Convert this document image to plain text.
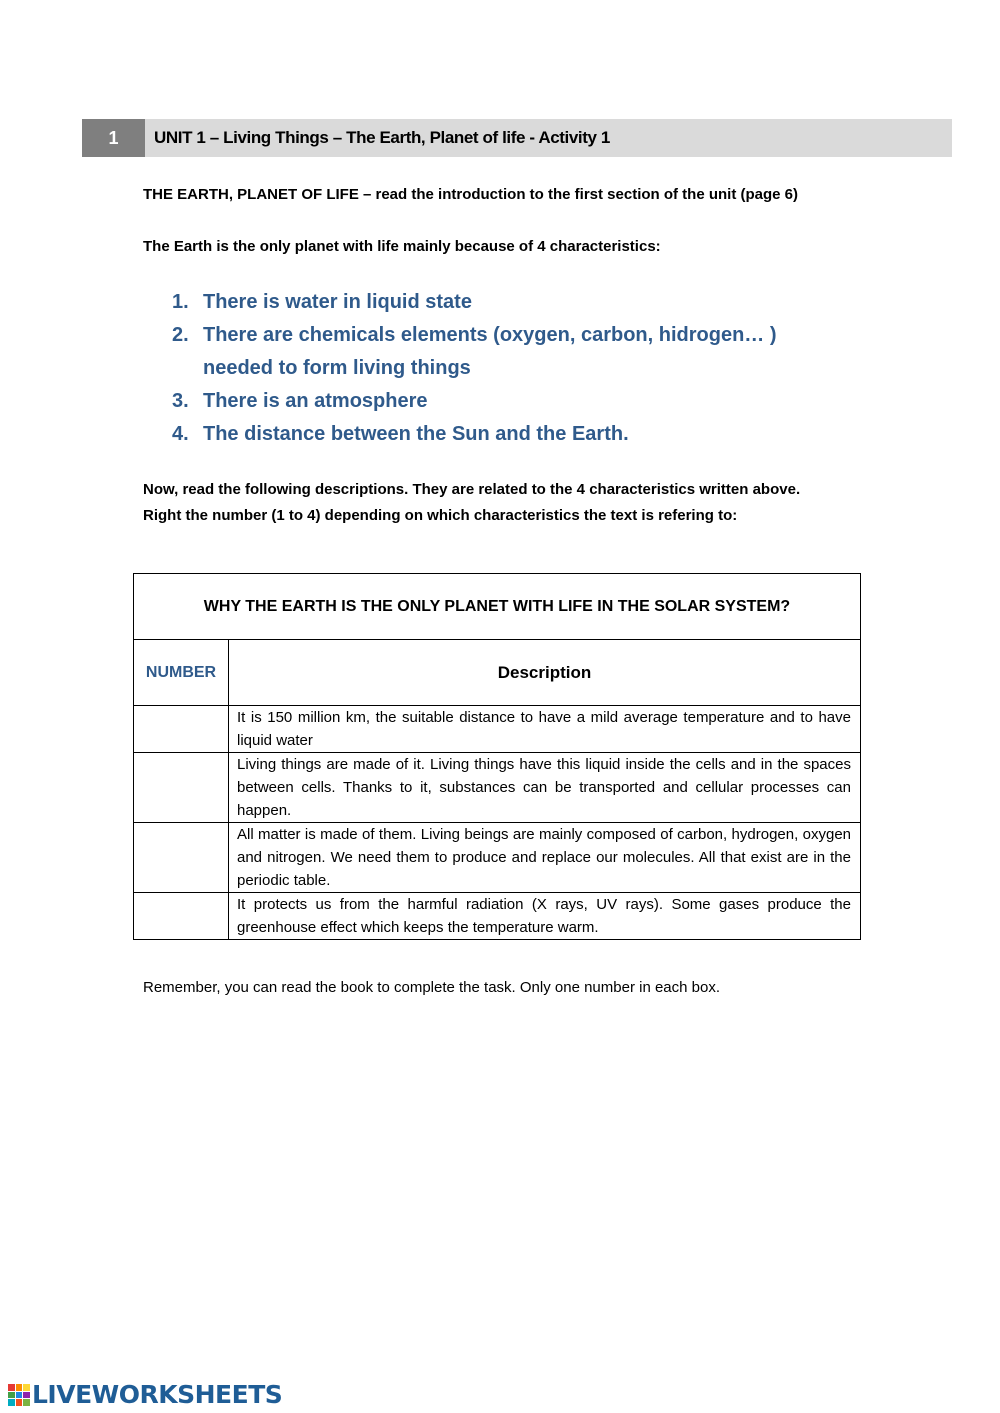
1	UNIT 1 – Living Things – The Earth, Planet of life - Activity 1
THE EARTH, PLANET OF LIFE – read the introduction to the first section of the unit (page 6)
The Earth is the only planet with life mainly because of 4 characteristics:
1. There is water in liquid state
2. There are chemicals elements (oxygen, carbon, hidrogen… )
needed to form living things
3. There is an atmosphere
4. The distance between the Sun and the Earth.
Now, read the following descriptions. They are related to the 4 characteristics written above.
Right the number (1 to 4) depending on which characteristics the text is refering to:
WHY THE EARTH IS THE ONLY PLANET WITH LIFE IN THE SOLAR SYSTEM?	
NUMBER	Description
	It is 150 million km, the suitable distance to have a mild average temperature and to have liquid water
	Living things are made of it. Living things have this liquid inside the cells and in the spaces between cells. Thanks to it, substances can be transported and cellular processes can happen.
	All matter is made of them. Living beings are mainly composed of carbon, hydrogen, oxygen and nitrogen. We need them to produce and replace our molecules. All that exist are in the periodic table.
	It protects us from the harmful radiation (X rays, UV rays). Some gases produce the greenhouse effect which keeps the temperature warm.
Remember, you can read the book to complete the task. Only one number in each box.
LIVEWORKSHEETS
